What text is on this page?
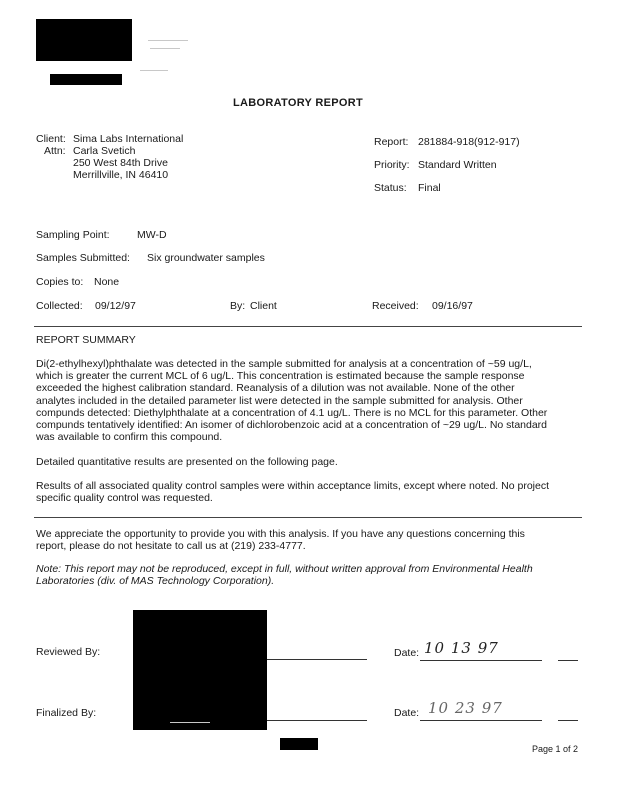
LABORATORY REPORT
Client: Sima Labs International
Attn: Carla Svetich
250 West 84th Drive
Merrillville, IN 46410
Report: 281884-918(912-917)
Priority: Standard Written
Status: Final
Sampling Point:	MW-D
Samples Submitted: Six groundwater samples
Copies to: None
Collected: 09/12/97	By: Client	Received: 09/16/97
REPORT SUMMARY
Di(2-ethylhexyl)phthalate was detected in the sample submitted for analysis at a concentration of ~59 ug/L, which is greater the current MCL of 6 ug/L. This concentration is estimated because the sample response exceeded the highest calibration standard. Reanalysis of a dilution was not available. None of the other analytes included in the detailed parameter list were detected in the sample submitted for analysis. Other compunds detected: Diethylphthalate at a concentration of 4.1 ug/L. There is no MCL for this parameter. Other compunds tentatively identified: An isomer of dichlorobenzoic acid at a concentration of ~29 ug/L. No standard was available to confirm this compound.
Detailed quantitative results are presented on the following page.
Results of all associated quality control samples were within acceptance limits, except where noted. No project specific quality control was requested.
We appreciate the opportunity to provide you with this analysis. If you have any questions concerning this report, please do not hesitate to call us at (219) 233-4777.
Note: This report may not be reproduced, except in full, without written approval from Environmental Health Laboratories (div. of MAS Technology Corporation).
Reviewed By:	Date: 10 13 97
Finalized By:	Date: 10 23 97
Page 1 of 2
